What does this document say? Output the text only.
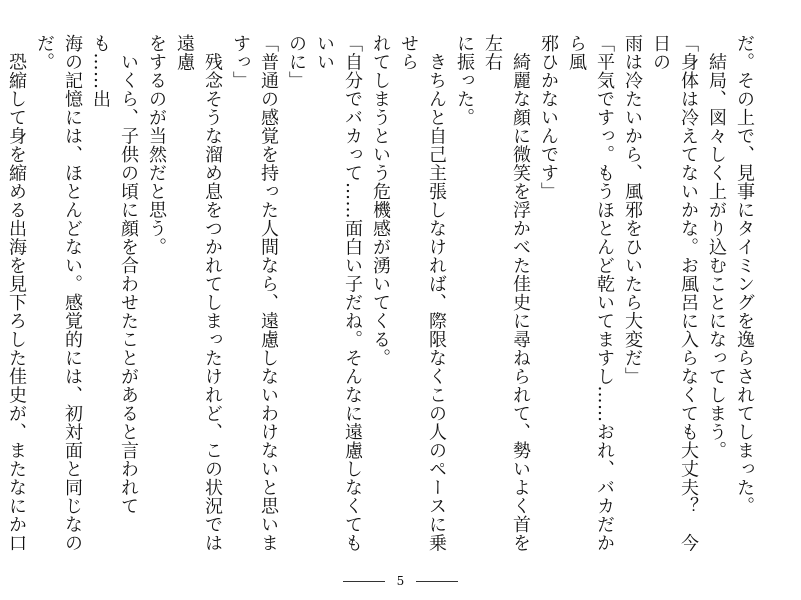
だ。その上で、見事にタイミングを逸らされてしまった。

　結局、図々しく上がり込むことになってしまう。

「身体は冷えてないかな。お風呂に入らなくても大丈夫？　今日の

雨は冷たいから、風邪をひいたら大変だ」

「平気ですっ。もうほとんど乾いてますし……おれ、バカだから風

邪ひかないんです」

　綺麗な顔に微笑を浮かべた佳史に尋ねられて、勢いよく首を左右

に振った。

　きちんと自己主張しなければ、際限なくこの人のペースに乗せら

れてしまうという危機感が湧いてくる。

「自分でバカって……面白い子だね。そんなに遠慮しなくてもいい

のに」

「普通の感覚を持った人間なら、遠慮しないわけないと思いますっ」

　残念そうな溜め息をつかれてしまったけれど、この状況では遠慮

をするのが当然だと思う。

　いくら、子供の頃に顔を合わせたことがあると言われても……出

海の記憶には、ほとんどない。感覚的には、初対面と同じなのだ。

　恐縮して身を縮める出海を見下ろした佳史が、またなにか口

5
